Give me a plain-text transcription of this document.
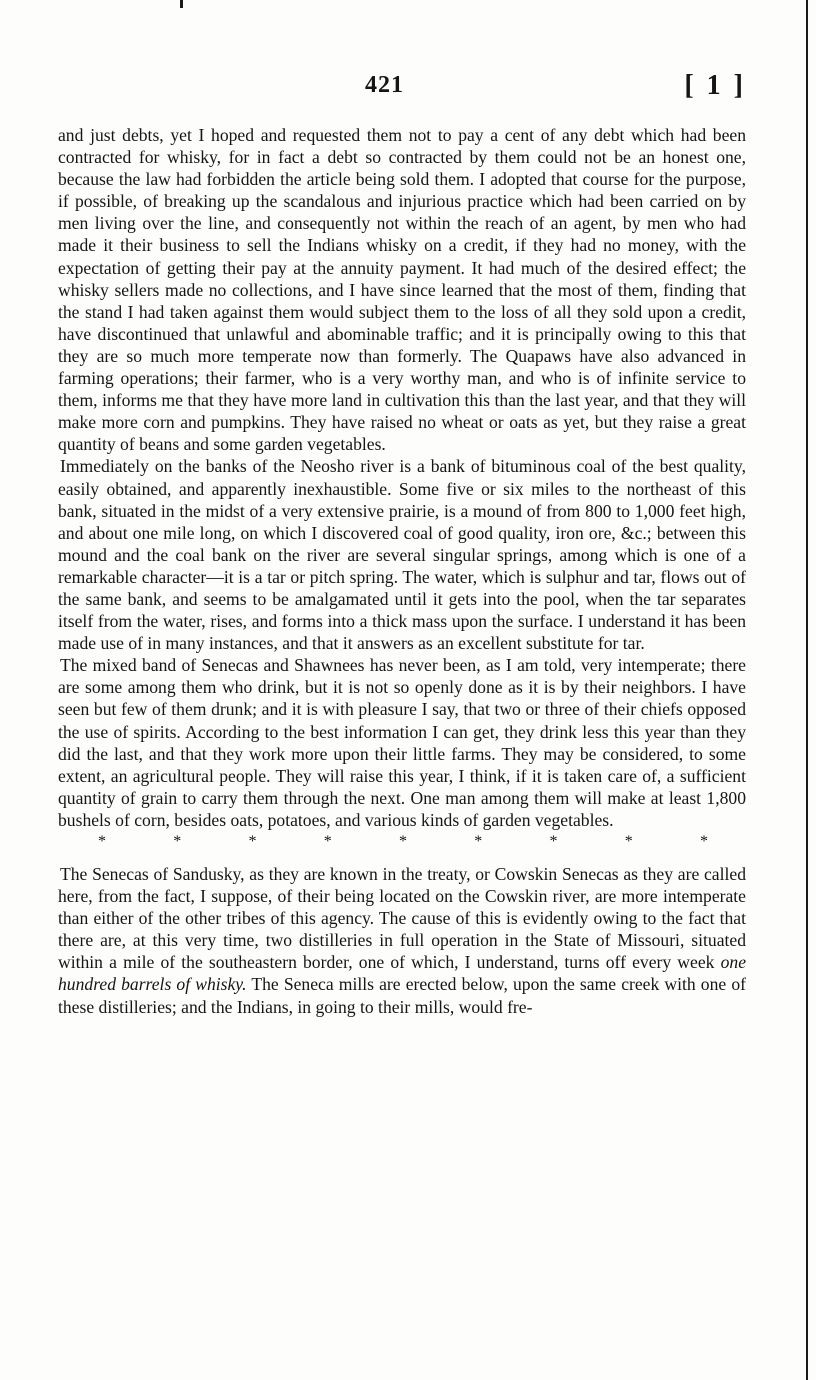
421	[ 1 ]

and just debts, yet I hoped and requested them not to pay a cent of any debt which had been contracted for whisky, for in fact a debt so contracted by them could not be an honest one, because the law had forbidden the article being sold them. I adopted that course for the purpose, if possible, of breaking up the scandalous and injurious practice which had been carried on by men living over the line, and consequently not within the reach of an agent, by men who had made it their business to sell the Indians whisky on a credit, if they had no money, with the expectation of getting their pay at the annuity payment. It had much of the desired effect; the whisky sellers made no collections, and I have since learned that the most of them, finding that the stand I had taken against them would subject them to the loss of all they sold upon a credit, have discontinued that unlawful and abominable traffic; and it is principally owing to this that they are so much more temperate now than formerly. The Quapaws have also advanced in farming operations; their farmer, who is a very worthy man, and who is of infinite service to them, informs me that they have more land in cultivation this than the last year, and that they will make more corn and pumpkins. They have raised no wheat or oats as yet, but they raise a great quantity of beans and some garden vegetables.

Immediately on the banks of the Neosho river is a bank of bituminous coal of the best quality, easily obtained, and apparently inexhaustible. Some five or six miles to the northeast of this bank, situated in the midst of a very extensive prairie, is a mound of from 800 to 1,000 feet high, and about one mile long, on which I discovered coal of good quality, iron ore, &c.; between this mound and the coal bank on the river are several singular springs, among which is one of a remarkable character—it is a tar or pitch spring. The water, which is sulphur and tar, flows out of the same bank, and seems to be amalgamated until it gets into the pool, when the tar separates itself from the water, rises, and forms into a thick mass upon the surface. I understand it has been made use of in many instances, and that it answers as an excellent substitute for tar.

The mixed band of Senecas and Shawnees has never been, as I am told, very intemperate; there are some among them who drink, but it is not so openly done as it is by their neighbors. I have seen but few of them drunk; and it is with pleasure I say, that two or three of their chiefs opposed the use of spirits. According to the best information I can get, they drink less this year than they did the last, and that they work more upon their little farms. They may be considered, to some extent, an agricultural people. They will raise this year, I think, if it is taken care of, a sufficient quantity of grain to carry them through the next. One man among them will make at least 1,800 bushels of corn, besides oats, potatoes, and various kinds of garden vegetables.

*	*	*	*	*	*	*	*	*

The Senecas of Sandusky, as they are known in the treaty, or Cowskin Senecas as they are called here, from the fact, I suppose, of their being located on the Cowskin river, are more intemperate than either of the other tribes of this agency. The cause of this is evidently owing to the fact that there are, at this very time, two distilleries in full operation in the State of Missouri, situated within a mile of the southeastern border, one of which, I understand, turns off every week one hundred barrels of whisky. The Seneca mills are erected below, upon the same creek with one of these distilleries; and the Indians, in going to their mills, would fre-
